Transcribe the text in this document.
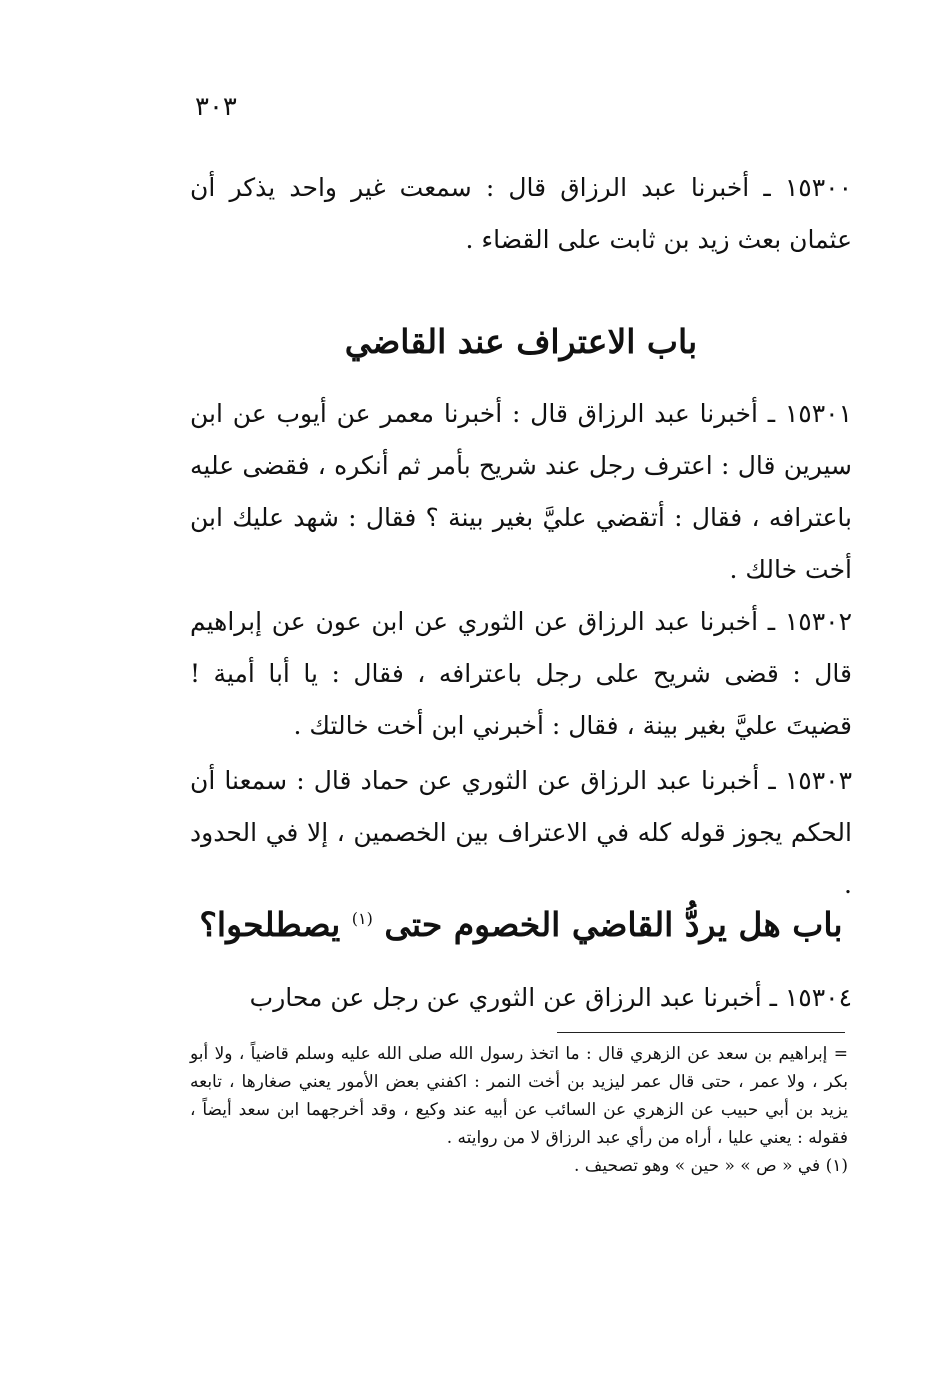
٣٠٣

١٥٣٠٠ ـ أخبرنا عبد الرزاق قال : سمعت غير واحد يذكر أن عثمان بعث زيد بن ثابت على القضاء .

باب الاعتراف عند القاضي

١٥٣٠١ ـ أخبرنا عبد الرزاق قال : أخبرنا معمر عن أيوب عن ابن سيرين قال : اعترف رجل عند شريح بأمر ثم أنكره ، فقضى عليه باعترافه ، فقال : أتقضي عليَّ بغير بينة ؟ فقال : شهد عليك ابن أخت خالك .

١٥٣٠٢ ـ أخبرنا عبد الرزاق عن الثوري عن ابن عون عن إبراهيم قال : قضى شريح على رجل باعترافه ، فقال : يا أبا أمية ! قضيتَ عليَّ بغير بينة ، فقال : أخبرني ابن أخت خالتك .

١٥٣٠٣ ـ أخبرنا عبد الرزاق عن الثوري عن حماد قال : سمعنا أن الحكم يجوز قوله كله في الاعتراف بين الخصمين ، إلا في الحدود .

باب هل يردُّ القاضي الخصوم حتى $^{(١)}$ يصطلحوا؟

١٥٣٠٤ ـ أخبرنا عبد الرزاق عن الثوري عن رجل عن محارب

= إبراهيم بن سعد عن الزهري قال : ما اتخذ رسول الله صلى الله عليه وسلم قاضياً ، ولا أبو بكر ، ولا عمر ، حتى قال عمر ليزيد بن أخت النمر : اكفني بعض الأمور يعني صغارها ، تابعه يزيد بن أبي حبيب عن الزهري عن السائب عن أبيه عند وكيع ، وقد أخرجهما ابن سعد أيضاً ، فقوله : يعني عليا ، أراه من رأي عبد الرزاق لا من روايته .

(١) في « ص » « حين » وهو تصحيف .
